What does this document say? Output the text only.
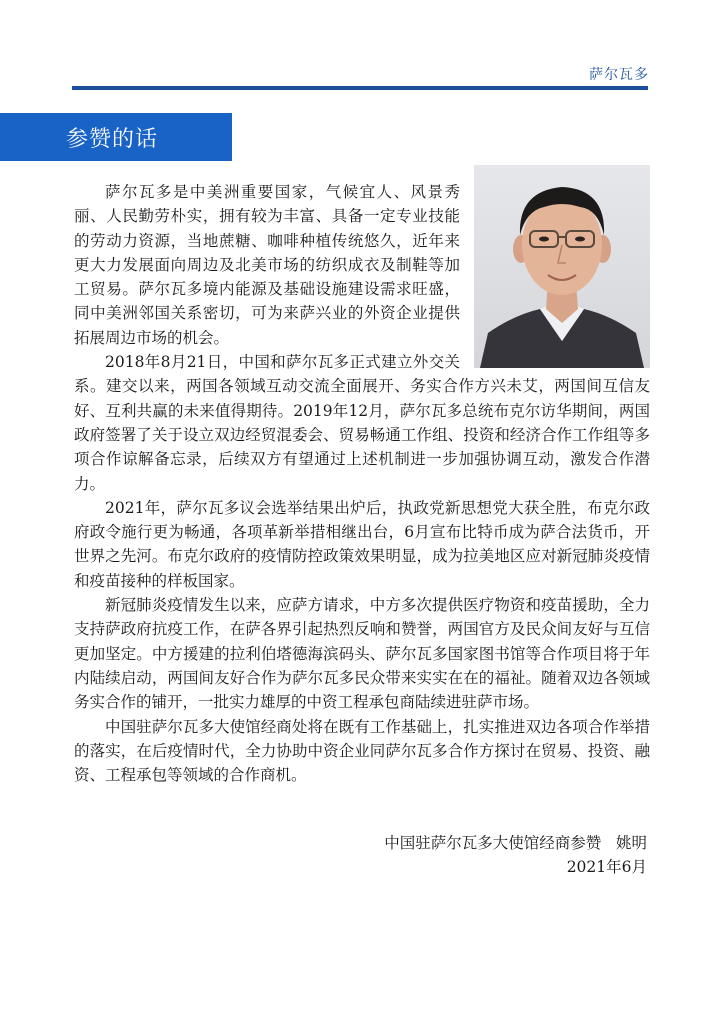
萨尔瓦多
参赞的话

萨尔瓦多是中美洲重要国家，气候宜人、风景秀丽、人民勤劳朴实，拥有较为丰富、具备一定专业技能的劳动力资源，当地蔗糖、咖啡种植传统悠久，近年来更大力发展面向周边及北美市场的纺织成衣及制鞋等加工贸易。萨尔瓦多境内能源及基础设施建设需求旺盛，同中美洲邻国关系密切，可为来萨兴业的外资企业提供拓展周边市场的机会。

2018年8月21日，中国和萨尔瓦多正式建立外交关系。建交以来，两国各领域互动交流全面展开、务实合作方兴未艾，两国间互信友好、互利共赢的未来值得期待。2019年12月，萨尔瓦多总统布克尔访华期间，两国政府签署了关于设立双边经贸混委会、贸易畅通工作组、投资和经济合作工作组等多项合作谅解备忘录，后续双方有望通过上述机制进一步加强协调互动，激发合作潜力。

2021年，萨尔瓦多议会选举结果出炉后，执政党新思想党大获全胜，布克尔政府政令施行更为畅通，各项革新举措相继出台，6月宣布比特币成为萨合法货币，开世界之先河。布克尔政府的疫情防控政策效果明显，成为拉美地区应对新冠肺炎疫情和疫苗接种的样板国家。

新冠肺炎疫情发生以来，应萨方请求，中方多次提供医疗物资和疫苗援助，全力支持萨政府抗疫工作，在萨各界引起热烈反响和赞誉，两国官方及民众间友好与互信更加坚定。中方援建的拉利伯塔德海滨码头、萨尔瓦多国家图书馆等合作项目将于年内陆续启动，两国间友好合作为萨尔瓦多民众带来实实在在的福祉。随着双边各领域务实合作的铺开，一批实力雄厚的中资工程承包商陆续进驻萨市场。

中国驻萨尔瓦多大使馆经商处将在既有工作基础上，扎实推进双边各项合作举措的落实，在后疫情时代，全力协助中资企业同萨尔瓦多合作方探讨在贸易、投资、融资、工程承包等领域的合作商机。

中国驻萨尔瓦多大使馆经商参赞   姚明
2021年6月
